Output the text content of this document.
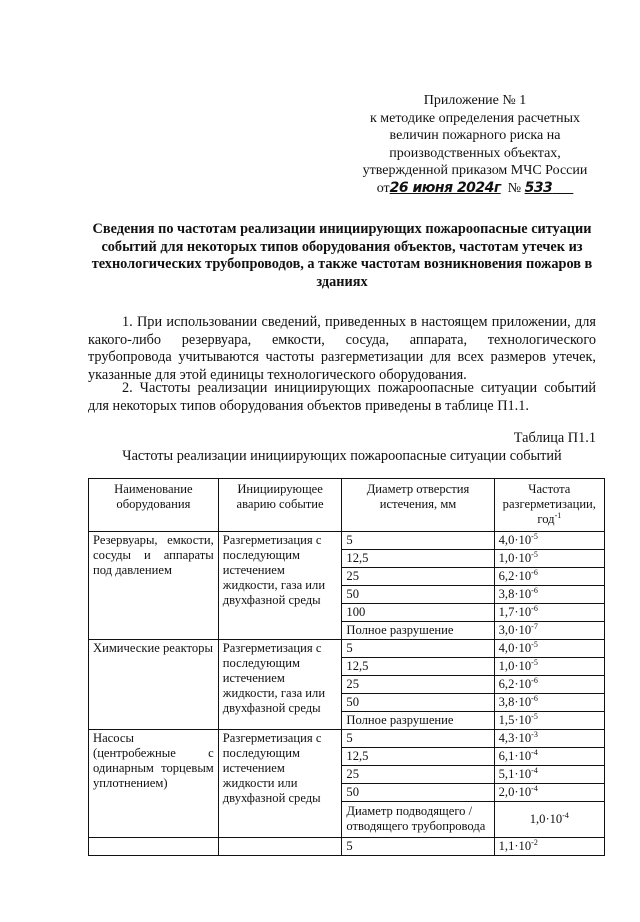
Приложение № 1
к методике определения расчетных
величин пожарного риска на
производственных объектах,
утвержденной приказом МЧС России
от26 июня 2024г № 533
Сведения по частотам реализации инициирующих пожароопасные ситуации событий для некоторых типов оборудования объектов, частотам утечек из технологических трубопроводов, а также частотам возникновения пожаров в зданиях

1. При использовании сведений, приведенных в настоящем приложении, для какого-либо резервуара, емкости, сосуда, аппарата, технологического трубопровода учитываются частоты разгерметизации для всех размеров утечек, указанные для этой единицы технологического оборудования.

2. Частоты реализации инициирующих пожароопасные ситуации событий для некоторых типов оборудования объектов приведены в таблице П1.1.

Таблица П1.1
Частоты реализации инициирующих пожароопасные ситуации событий
Наименование оборудования	Инициирующее аварию событие	Диаметр отверстия истечения, мм	Частота разгерметизации, год$^{-1}$

Резервуары, емкости, сосуды и аппараты под давлением	Разгерметизация с последующим истечением жидкости, газа или двухфазной среды	5	$4,0\cdot 10^{-5}$
		12,5	$1,0\cdot 10^{-5}$
		25	$6,2\cdot 10^{-6}$
		50	$3,8\cdot 10^{-6}$
		100	$1,7\cdot 10^{-6}$
		Полное разрушение	$3,0\cdot 10^{-7}$

Химические реакторы	Разгерметизация с последующим истечением жидкости, газа или двухфазной среды	5	$4,0\cdot 10^{-5}$
		12,5	$1,0\cdot 10^{-5}$
		25	$6,2\cdot 10^{-6}$
		50	$3,8\cdot 10^{-6}$
		Полное разрушение	$1,5\cdot 10^{-5}$

Насосы (центробежные с одинарным торцевым уплотнением)	Разгерметизация с последующим истечением жидкости или двухфазной среды	5	$4,3\cdot 10^{-3}$
		12,5	$6,1\cdot 10^{-4}$
		25	$5,1\cdot 10^{-4}$
		50	$2,0\cdot 10^{-4}$
		Диаметр подводящего / отводящего трубопровода	$1,0\cdot 10^{-4}$
		5	$1,1\cdot 10^{-2}$
